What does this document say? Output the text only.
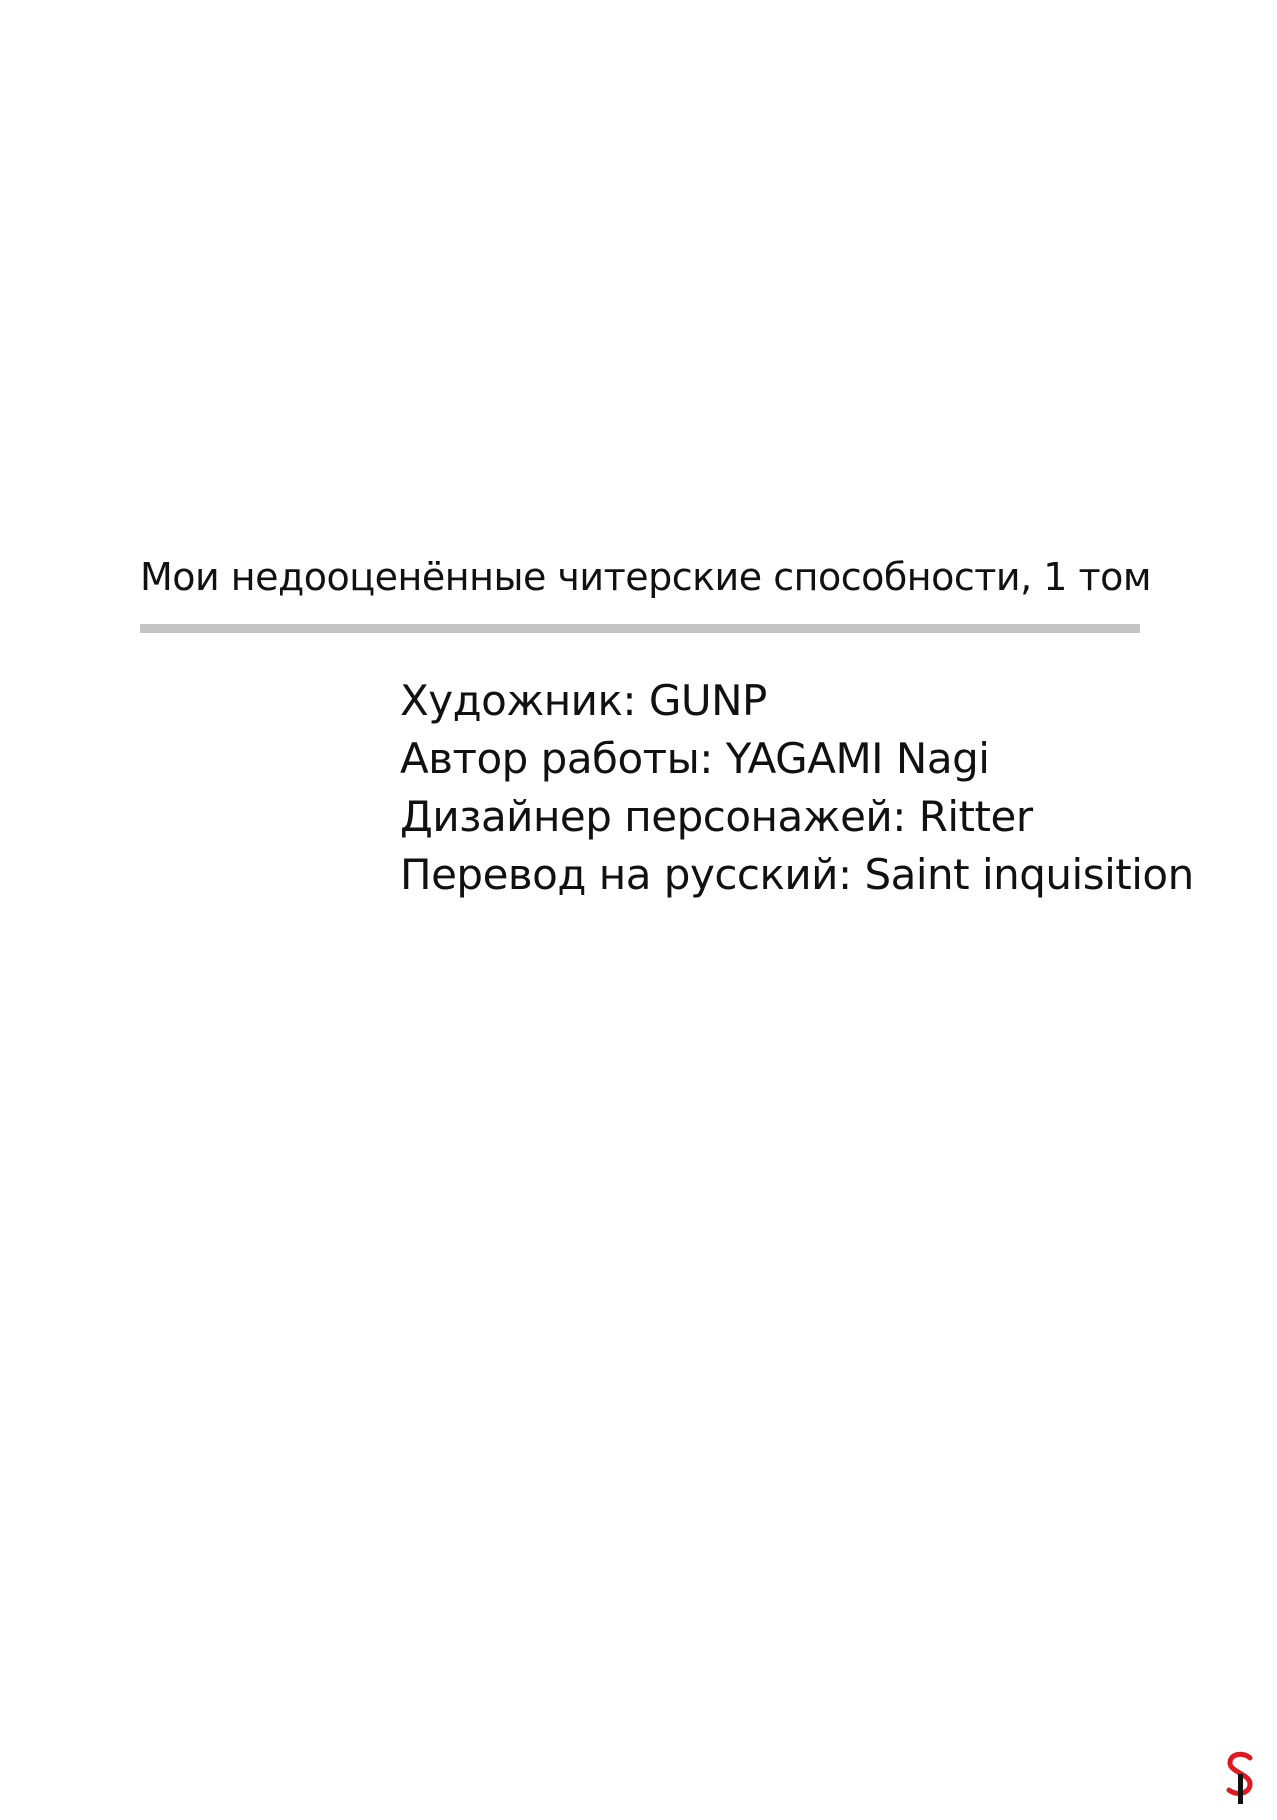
Мои недооценённые читерские способности, 1 том
Художник: GUNP
Автор работы: YAGAMI Nagi
Дизайнер персонажей: Ritter
Перевод на русский: Saint inquisition
